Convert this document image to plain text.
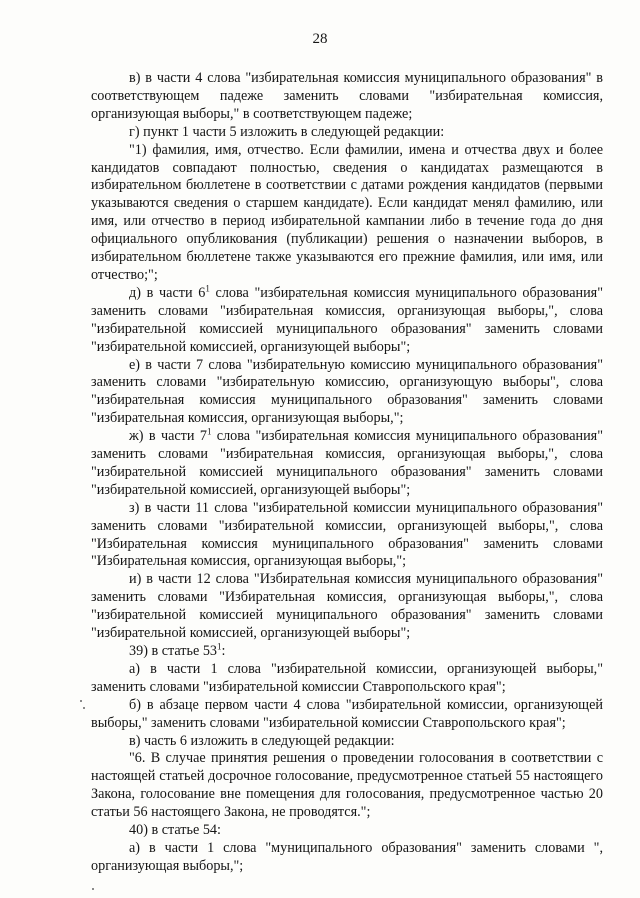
28

в) в части 4 слова "избирательная комиссия муниципального образования" в соответствующем падеже заменить словами "избирательная комиссия, организующая выборы," в соответствующем падеже;

г) пункт 1 части 5 изложить в следующей редакции:

"1) фамилия, имя, отчество. Если фамилии, имена и отчества двух и более кандидатов совпадают полностью, сведения о кандидатах размещаются в избирательном бюллетене в соответствии с датами рождения кандидатов (первыми указываются сведения о старшем кандидате). Если кандидат менял фамилию, или имя, или отчество в период избирательной кампании либо в течение года до дня официального опубликования (публикации) решения о назначении выборов, в избирательном бюллетене также указываются его прежние фамилия, или имя, или отчество;";

д) в части $6^1$ слова "избирательная комиссия муниципального образования" заменить словами "избирательная комиссия, организующая выборы,", слова "избирательной комиссией муниципального образования" заменить словами "избирательной комиссией, организующей выборы";

е) в части 7 слова "избирательную комиссию муниципального образования" заменить словами "избирательную комиссию, организующую выборы", слова "избирательная комиссия муниципального образования" заменить словами "избирательная комиссия, организующая выборы,";

ж) в части $7^1$ слова "избирательная комиссия муниципального образования" заменить словами "избирательная комиссия, организующая выборы,", слова "избирательной комиссией муниципального образования" заменить словами "избирательной комиссией, организующей выборы";

з) в части 11 слова "избирательной комиссии муниципального образования" заменить словами "избирательной комиссии, организующей выборы,", слова "Избирательная комиссия муниципального образования" заменить словами "Избирательная комиссия, организующая выборы,";

и) в части 12 слова "Избирательная комиссия муниципального образования" заменить словами "Избирательная комиссия, организующая выборы,", слова "избирательной комиссией муниципального образования" заменить словами "избирательной комиссией, организующей выборы";

39) в статье $53^1$:

а) в части 1 слова "избирательной комиссии, организующей выборы," заменить словами "избирательной комиссии Ставропольского края";

б) в абзаце первом части 4 слова "избирательной комиссии, организующей выборы," заменить словами "избирательной комиссии Ставропольского края";

в) часть 6 изложить в следующей редакции:

"6. В случае принятия решения о проведении голосования в соответствии с настоящей статьей досрочное голосование, предусмотренное статьей 55 настоящего Закона, голосование вне помещения для голосования, предусмотренное частью 20 статьи 56 настоящего Закона, не проводятся.";

40) в статье 54:

а) в части 1 слова "муниципального образования" заменить словами ", организующая выборы,";
